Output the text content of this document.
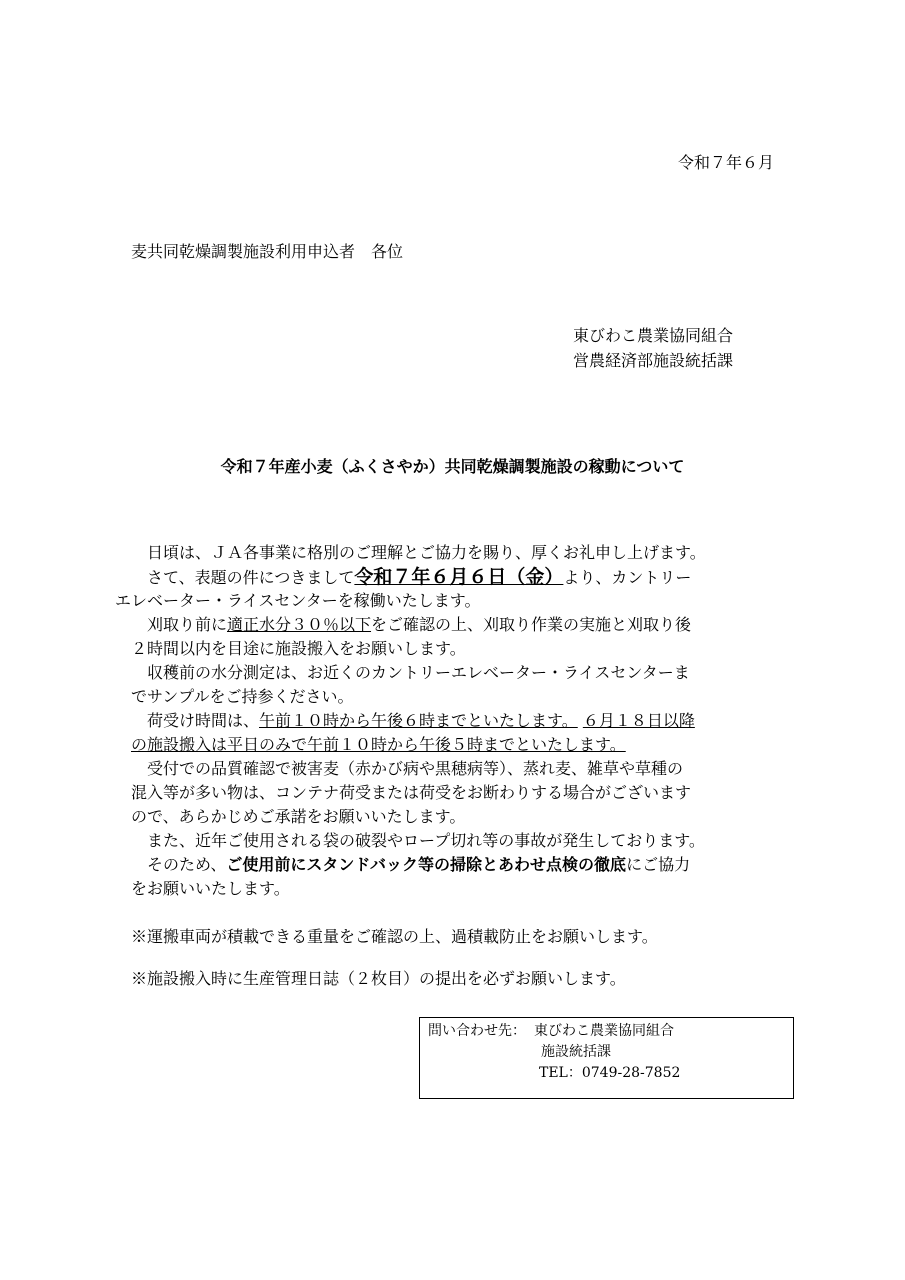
令和７年６月
麦共同乾燥調製施設利用申込者　各位
東びわこ農業協同組合
営農経済部施設統括課
令和７年産小麦（ふくさやか）共同乾燥調製施設の稼動について
　日頃は、ＪＡ各事業に格別のご理解とご協力を賜り、厚くお礼申し上げます。
　さて、表題の件につきまして令和７年６月６日（金）より、カントリー
エレベーター・ライスセンターを稼働いたします。
　刈取り前に適正水分３０％以下をご確認の上、刈取り作業の実施と刈取り後
２時間以内を目途に施設搬入をお願いします。
　収穫前の水分測定は、お近くのカントリーエレベーター・ライスセンターま
でサンプルをご持参ください。
　荷受け時間は、午前１０時から午後６時までといたします。 ６月１８日以降
の施設搬入は平日のみで午前１０時から午後５時までといたします。
　受付での品質確認で被害麦（赤かび病や黒穂病等）、蒸れ麦、雑草や草種の
混入等が多い物は、コンテナ荷受または荷受をお断わりする場合がございます
ので、あらかじめご承諾をお願いいたします。
　また、近年ご使用される袋の破裂やロープ切れ等の事故が発生しております。
　そのため、ご使用前にスタンドバック等の掃除とあわせ点検の徹底にご協力
をお願いいたします。
※運搬車両が積載できる重量をご確認の上、過積載防止をお願いします。
※施設搬入時に生産管理日誌（２枚目）の提出を必ずお願いします。
問い合わせ先： 東びわこ農業協同組合
施設統括課
TEL：0749-28-7852
